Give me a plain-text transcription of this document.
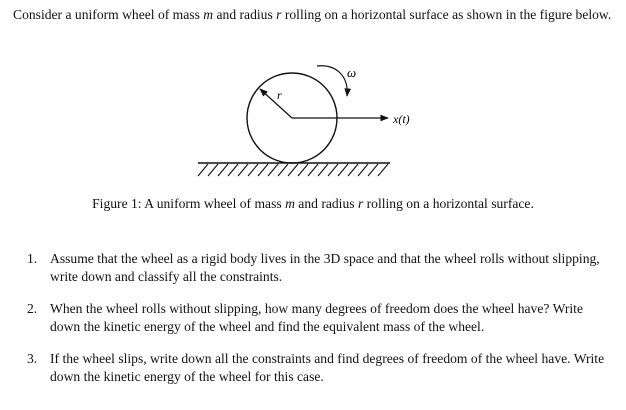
Consider a uniform wheel of mass m and radius r rolling on a horizontal surface as shown in the figure below.

r
x(t)
ω

Figure 1: A uniform wheel of mass m and radius r rolling on a horizontal surface.

1. Assume that the wheel as a rigid body lives in the 3D space and that the wheel rolls without slipping, write down and classify all the constraints.
2. When the wheel rolls without slipping, how many degrees of freedom does the wheel have? Write down the kinetic energy of the wheel and find the equivalent mass of the wheel.
3. If the wheel slips, write down all the constraints and find degrees of freedom of the wheel have. Write down the kinetic energy of the wheel for this case.
